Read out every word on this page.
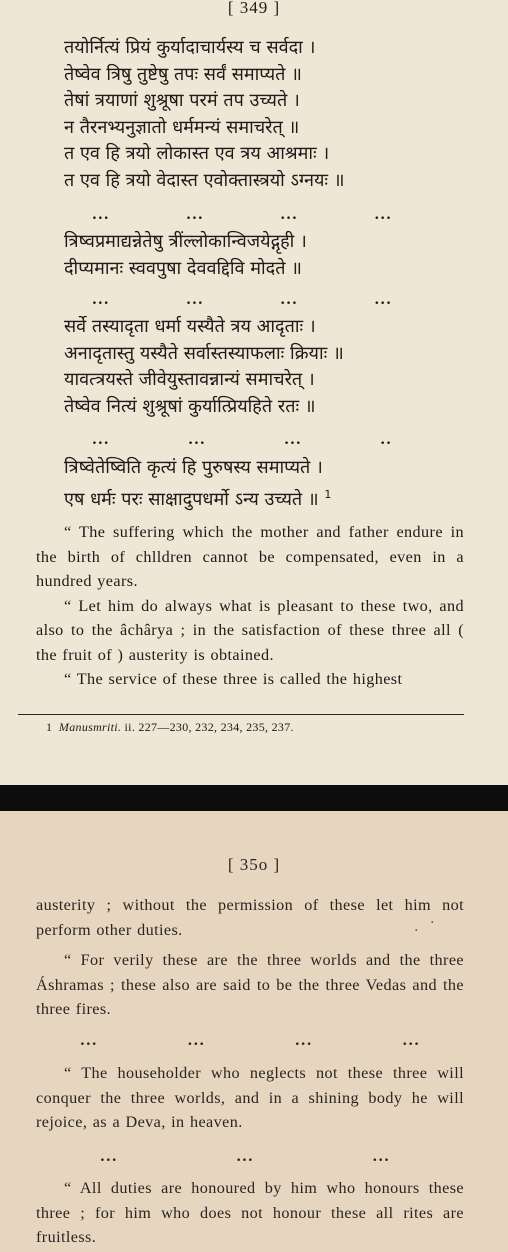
[ 349 ]
तयोर्नित्यं प्रियं कुर्यादाचार्यस्य च सर्वदा ।
तेष्वेव त्रिषु तुष्टेषु तपः सर्वं समाप्यते ॥
तेषां त्रयाणां शुश्रूषा परमं तप उच्यते ।
न तैरनभ्यनुज्ञातो धर्ममन्यं समाचरेत् ॥
त एव हि त्रयो लोकास्त एव त्रय आश्रमाः ।
त एव हि त्रयो वेदास्त एवोक्तास्त्रयो ऽग्नयः ॥
...	...	...	...
त्रिष्वप्रमाद्यन्नेतेषु त्रींल्लोकान्विजयेद्गृही ।
दीप्यमानः स्ववपुषा देववद्दिवि मोदते ॥
...	...	...	...
सर्वे तस्यादृता धर्मा यस्यैते त्रय आदृताः ।
अनादृतास्तु यस्यैते सर्वास्तस्याफलाः क्रियाः ॥
यावत्त्रयस्ते जीवेयुस्तावन्नान्यं समाचरेत् ।
तेष्वेव नित्यं शुश्रूषां कुर्यात्प्रियहिते रतः ॥
...	...	...	..
त्रिष्वेतेष्विति कृत्यं हि पुरुषस्य समाप्यते ।
एष धर्मः परः साक्षादुपधर्मो ऽन्य उच्यते ॥ $^1$

“ The suffering which the mother and father endure in the birth of chlldren cannot be compensated, even in a hundred years.

“ Let him do always what is pleasant to these two, and also to the âchârya ; in the satisfaction of these three all ( the fruit of ) austerity is obtained.

“ The service of these three is called the highest

1 Manusmriti. ii. 227—230, 232, 234, 235, 237.
[ 35o ]

austerity ; without the permission of these let him not perform other duties.

“ For verily these are the three worlds and the three Áshramas ; these also are said to be the three Vedas and the three fires.

. .
...	...	...	...

“ The householder who neglects not these three will conquer the three worlds, and in a shining body he will rejoice, as a Deva, in heaven.

...	...	...

“ All duties are honoured by him who honours these three ; for him who does not honour these all rites are fruitless.
